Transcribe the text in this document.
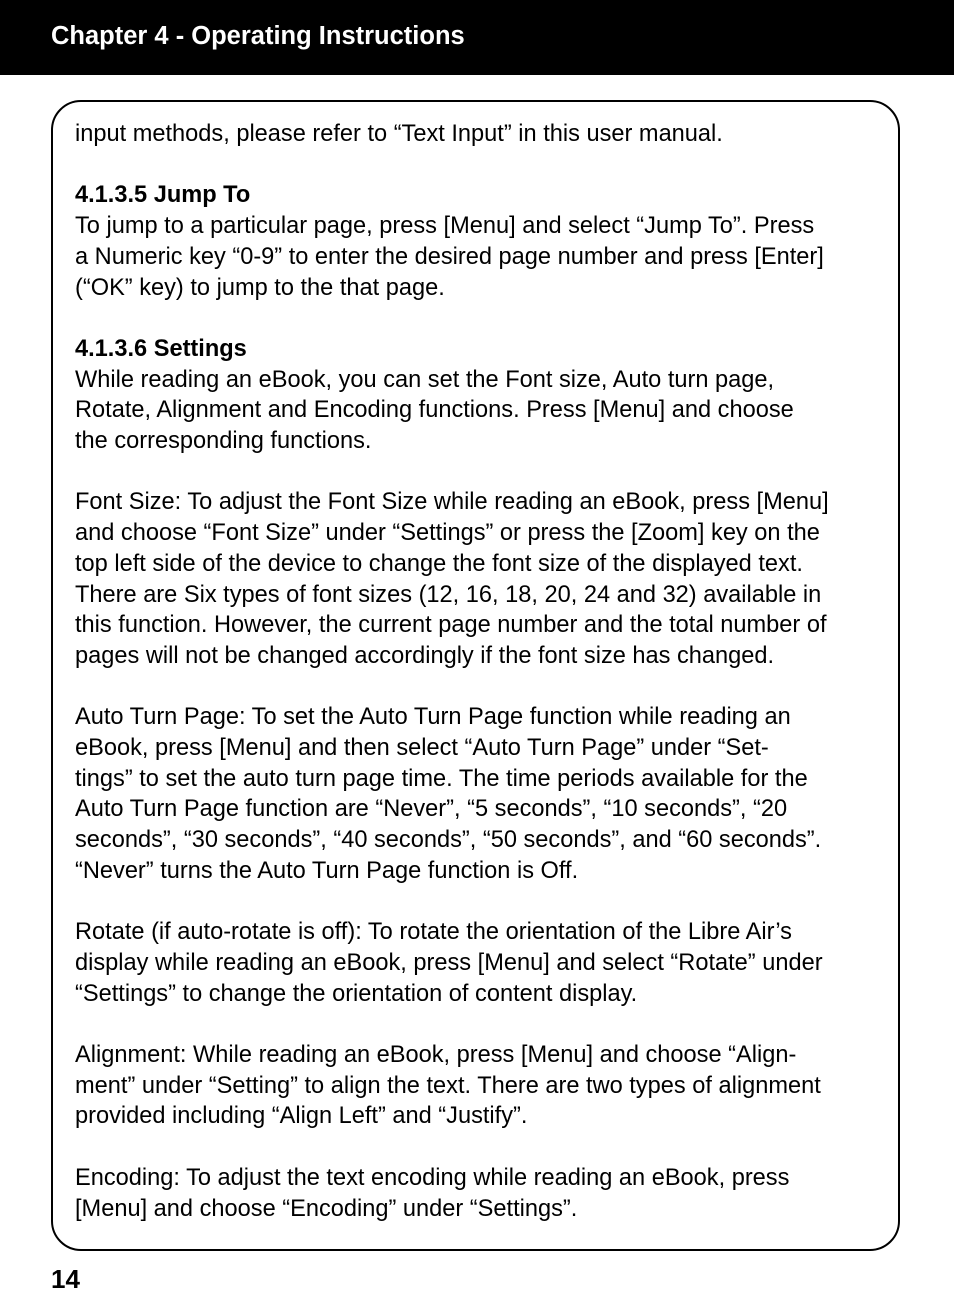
Chapter 4 - Operating Instructions

input methods, please refer to “Text Input” in this user manual.

4.1.3.5 Jump To

To jump to a particular page, press [Menu] and select “Jump To”. Press

a Numeric key “0-9” to enter the desired page number and press [Enter]

(“OK” key) to jump to the that page.

4.1.3.6 Settings

While reading an eBook, you can set the Font size, Auto turn page,

Rotate, Alignment and Encoding functions. Press [Menu] and choose

the corresponding functions.

Font Size: To adjust the Font Size while reading an eBook, press [Menu]

and choose “Font Size” under “Settings” or press the [Zoom] key on the

top left side of the device to change the font size of the displayed text.

There are Six types of font sizes (12, 16, 18, 20, 24 and 32) available in

this function. However, the current page number and the total number of

pages will not be changed accordingly if the font size has changed.

Auto Turn Page: To set the Auto Turn Page function while reading an

eBook, press [Menu] and then select “Auto Turn Page” under “Set-

tings” to set the auto turn page time. The time periods available for the

Auto Turn Page function are “Never”, “5 seconds”, “10 seconds”, “20

seconds”, “30 seconds”, “40 seconds”, “50 seconds”, and “60 seconds”.

“Never” turns the Auto Turn Page function is Off.

Rotate (if auto-rotate is off): To rotate the orientation of the Libre Air’s

display while reading an eBook, press [Menu] and select “Rotate” under

“Settings” to change the orientation of content display.

Alignment: While reading an eBook, press [Menu] and choose “Align-

ment” under “Setting” to align the text. There are two types of alignment

provided including “Align Left” and “Justify”.

Encoding: To adjust the text encoding while reading an eBook, press

[Menu] and choose “Encoding” under “Settings”.

14
